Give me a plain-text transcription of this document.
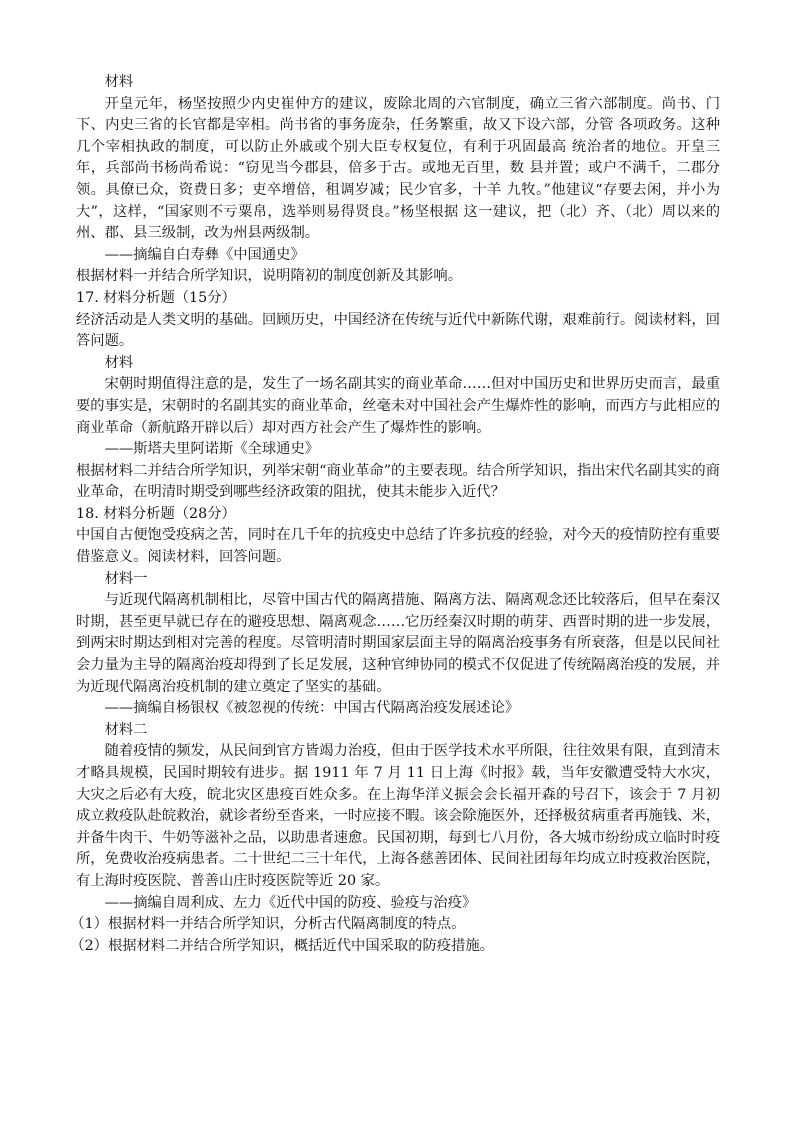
材料

开皇元年，杨坚按照少内史崔仲方的建议，废除北周的六官制度，确立三省六部制度。尚书、门下、内史三省的长官都是宰相。尚书省的事务庞杂，任务繁重，故又下设六部，分管 各项政务。这种几个宰相执政的制度，可以防止外戚或个别大臣专权复位，有利于巩固最高 统治者的地位。开皇三年，兵部尚书杨尚希说：“窃见当今郡县，倍多于古。或地无百里，数 县并置；或户不满千，二郡分领。具僚已众，资费日多；吏卒增倍，租调岁减；民少官多，十羊 九牧。”他建议“存要去闲，并小为大”，这样，“国家则不亏粟帛，选举则易得贤良。”杨坚根据 这一建议，把（北）齐、（北）周以来的州、郡、县三级制，改为州县两级制。

——摘编自白寿彝《中国通史》

根据材料一并结合所学知识，说明隋初的制度创新及其影响。

17. 材料分析题（15分）

经济活动是人类文明的基础。回顾历史，中国经济在传统与近代中新陈代谢，艰难前行。阅读材料，回答问题。

材料

宋朝时期值得注意的是，发生了一场名副其实的商业革命……但对中国历史和世界历史而言，最重要的事实是，宋朝时的名副其实的商业革命，丝毫未对中国社会产生爆炸性的影响，而西方与此相应的商业革命（新航路开辟以后）却对西方社会产生了爆炸性的影响。

——斯塔夫里阿诺斯《全球通史》

根据材料二并结合所学知识，列举宋朝“商业革命”的主要表现。结合所学知识，指出宋代名副其实的商业革命，在明清时期受到哪些经济政策的阻扰，使其未能步入近代？

18. 材料分析题（28分）

中国自古便饱受疫病之苦，同时在几千年的抗疫史中总结了许多抗疫的经验，对今天的疫情防控有重要借鉴意义。阅读材料，回答问题。

材料一

与近现代隔离机制相比，尽管中国古代的隔离措施、隔离方法、隔离观念还比较落后，但早在秦汉时期，甚至更早就已存在的避疫思想、隔离观念……它历经秦汉时期的萌芽、西晋时期的进一步发展，到两宋时期达到相对完善的程度。尽管明清时期国家层面主导的隔离治疫事务有所衰落，但是以民间社会力量为主导的隔离治疫却得到了长足发展，这种官绅协同的模式不仅促进了传统隔离治疫的发展，并为近现代隔离治疫机制的建立奠定了坚实的基础。

——摘编自杨银权《被忽视的传统：中国古代隔离治疫发展述论》

材料二

随着疫情的频发，从民间到官方皆竭力治疫，但由于医学技术水平所限，往往效果有限，直到清末才略具规模，民国时期较有进步。据 1911 年 7 月 11 日上海《时报》载，当年安徽遭受特大水灾，大灾之后必有大疫，皖北灾区患疫百姓众多。在上海华洋义振会会长福开森的号召下，该会于 7 月初成立救疫队赴皖救治，就诊者纷至沓来，一时应接不暇。该会除施医外，还择极贫病重者再施钱、米，并备牛肉干、牛奶等滋补之品，以助患者速愈。民国初期，每到七八月份，各大城市纷纷成立临时时疫所，免费收治疫病患者。二十世纪二三十年代，上海各慈善团体、民间社团每年均成立时疫救治医院，有上海时疫医院、普善山庄时疫医院等近 20 家。

——摘编自周利成、左力《近代中国的防疫、验疫与治疫》

（1）根据材料一并结合所学知识，分析古代隔离制度的特点。

（2）根据材料二并结合所学知识，概括近代中国采取的防疫措施。
